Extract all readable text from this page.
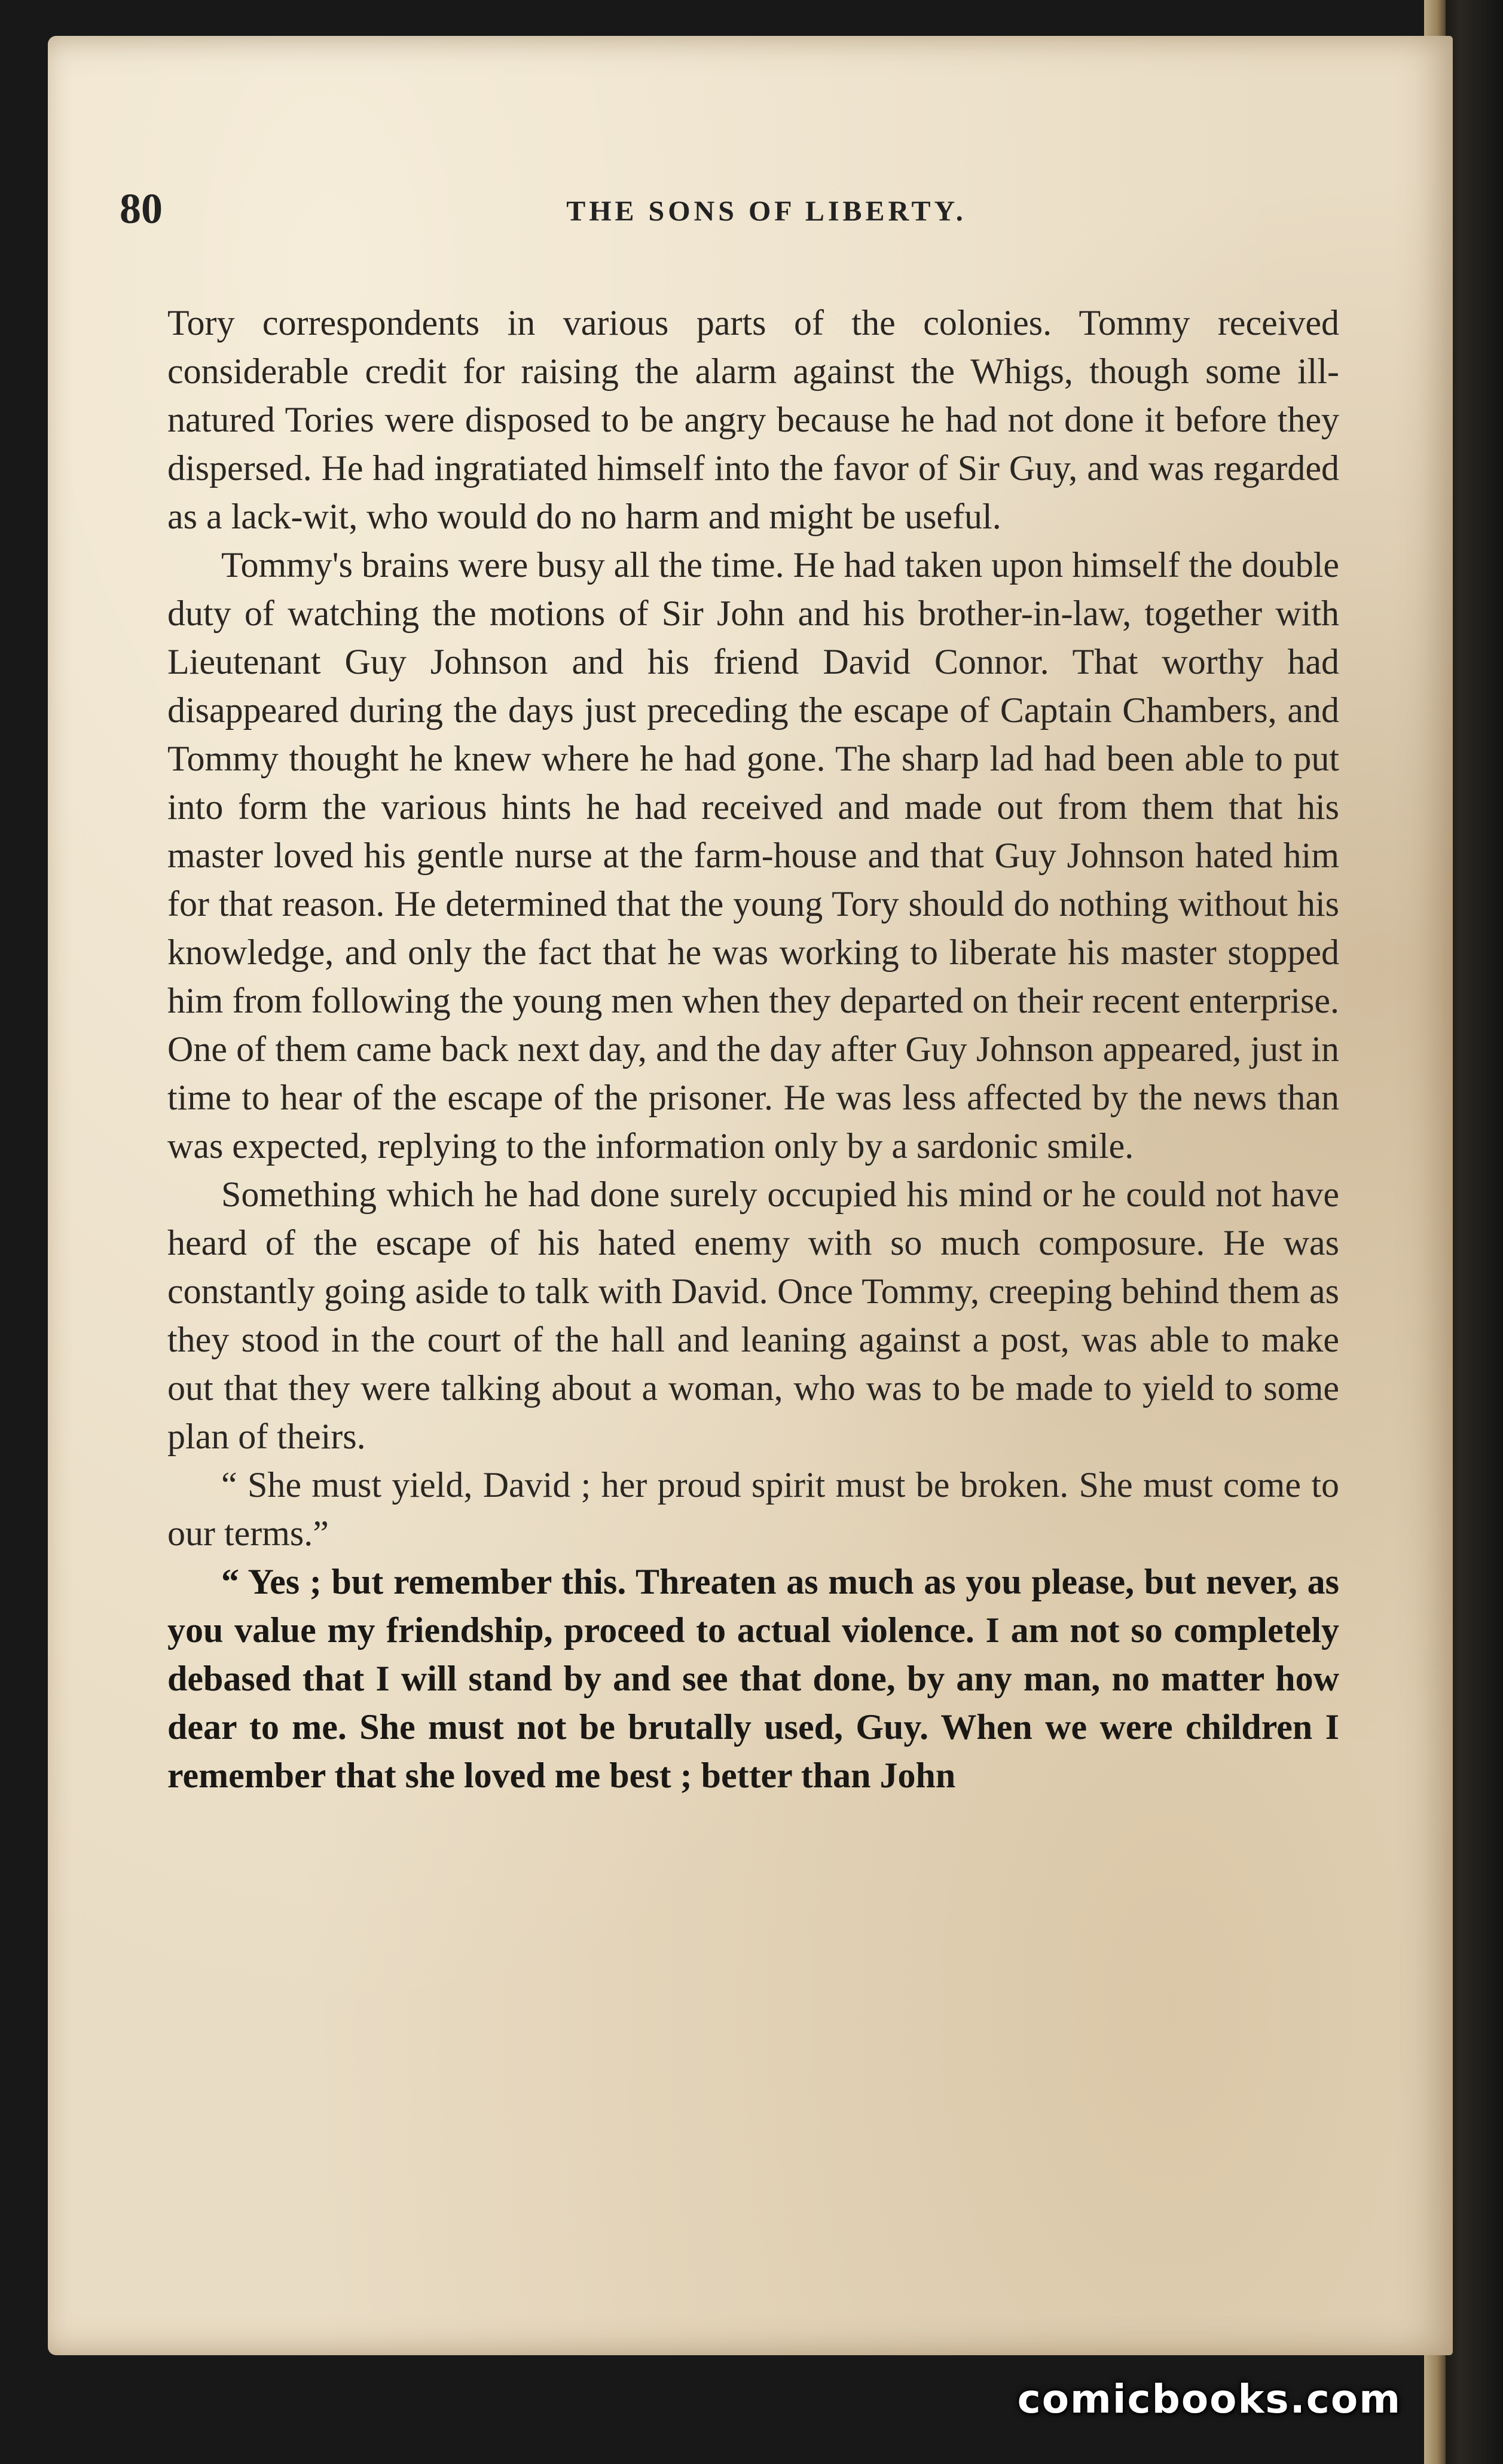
80	THE SONS OF LIBERTY.

Tory correspondents in various parts of the colonies. Tommy received considerable credit for raising the alarm against the Whigs, though some ill-natured Tories were disposed to be angry because he had not done it before they dispersed. He had ingratiated himself into the favor of Sir Guy, and was regarded as a lack-wit, who would do no harm and might be useful.

Tommy's brains were busy all the time. He had taken upon himself the double duty of watching the motions of Sir John and his brother-in-law, together with Lieutenant Guy Johnson and his friend David Connor. That worthy had disappeared during the days just preceding the escape of Captain Chambers, and Tommy thought he knew where he had gone. The sharp lad had been able to put into form the various hints he had received and made out from them that his master loved his gentle nurse at the farm-house and that Guy Johnson hated him for that reason. He determined that the young Tory should do nothing without his knowledge, and only the fact that he was working to liberate his master stopped him from following the young men when they departed on their recent enterprise. One of them came back next day, and the day after Guy Johnson appeared, just in time to hear of the escape of the prisoner. He was less affected by the news than was expected, replying to the information only by a sardonic smile.

Something which he had done surely occupied his mind or he could not have heard of the escape of his hated enemy with so much composure. He was constantly going aside to talk with David. Once Tommy, creeping behind them as they stood in the court of the hall and leaning against a post, was able to make out that they were talking about a woman, who was to be made to yield to some plan of theirs.

“ She must yield, David ; her proud spirit must be broken. She must come to our terms.”

“ Yes ; but remember this. Threaten as much as you please, but never, as you value my friendship, proceed to actual violence. I am not so completely debased that I will stand by and see that done, by any man, no matter how dear to me. She must not be brutally used, Guy. When we were children I remember that she loved me best ; better than John

comicbooks.com
